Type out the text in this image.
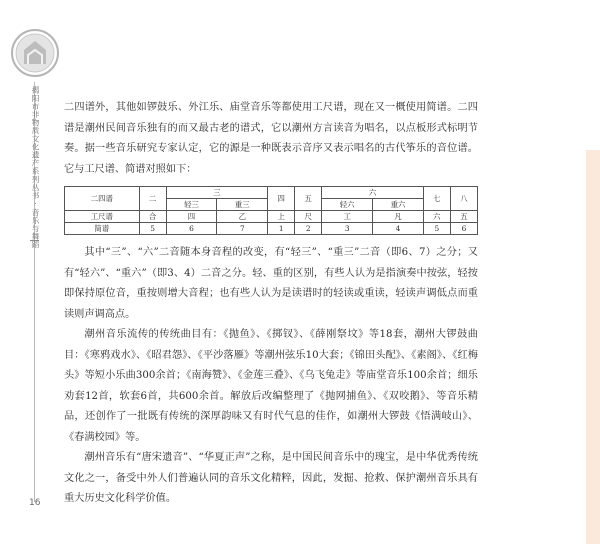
揭阳市非物质文化遗产系列丛书 · 音乐与舞蹈
16

二四谱外，其他如锣鼓乐、外江乐、庙堂音乐等都使用工尺谱，现在又一概使用简谱。二四谱是潮州民间音乐独有的而又最古老的谱式，它以潮州方言读音为唱名，以点板形式标明节奏。据一些音乐研究专家认定，它的源是一种既表示音序又表示唱名的古代筝乐的音位谱。它与工尺谱、简谱对照如下：

二四谱	二	三		四	五	六		七	八
		轻三	重三			轻六	重六		
工尺谱	合	四	乙	上	尺	工	凡	六	五
简谱	5	6	7	1	2	3	4	5	6

其中“三”、“六”二音随本身音程的改变，有“轻三”、“重三”二音（即6、7）之分；又有“轻六”、“重六”（即3、4）二音之分。轻、重的区别，有些人认为是指演奏中按弦，轻按即保持原位音，重按则增大音程；也有些人认为是读谱时的轻读或重读，轻读声调低点而重读则声调高点。

潮州音乐流传的传统曲目有：《抛鱼》、《掷钗》、《薛刚祭坟》等18套，潮州大锣鼓曲目：《寒鸦戏水》、《昭君怨》、《平沙落雁》等潮州弦乐10大套；《锦田头配》、《素阁》、《红梅头》等短小乐曲300余首；《南海赞》、《金莲三叠》、《乌飞兔走》等庙堂音乐100余首；细乐劝套12首，软套6首，共600余首。解放后改编整理了《抛网捕鱼》、《双咬鹅》、等音乐精品，还创作了一批既有传统的深厚韵味又有时代气息的佳作，如潮州大锣鼓《悟满岐山》、《春满校园》等。

潮州音乐有“唐宋遗音”、“华夏正声”之称，是中国民间音乐中的瑰宝，是中华优秀传统文化之一，备受中外人们普遍认同的音乐文化精粹，因此，发掘、抢救、保护潮州音乐具有重大历史文化科学价值。
